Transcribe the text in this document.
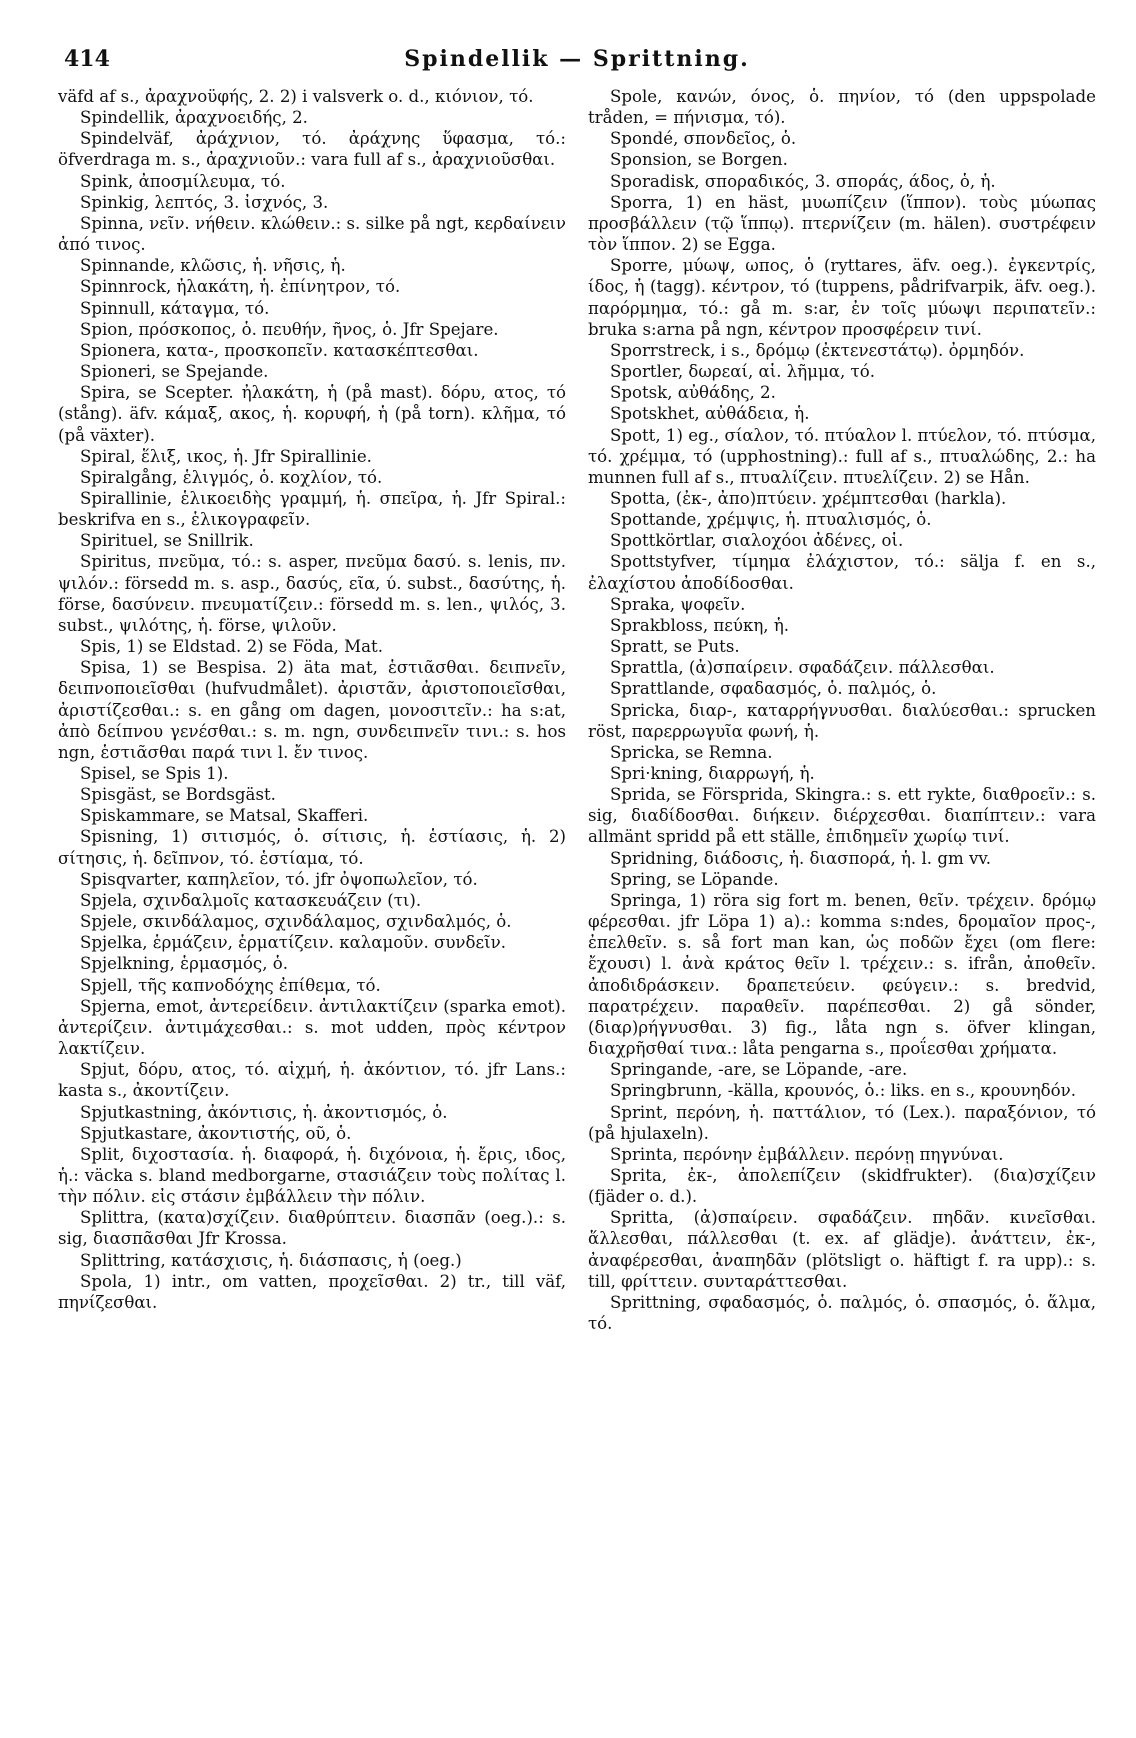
414	Spindellik — Sprittning.

väfd af s., ἀραχνοϋφής, 2. 2) i valsverk o. d., κιόνιον, τό.

Spindellik, ἀραχνοειδής, 2.

Spindelväf, ἀράχνιον, τό. ἀράχνης ὕφασμα, τό.: öfverdraga m. s., ἀραχνιοῦν.: vara full af s., ἀραχνιοῦσθαι.

Spink, ἀποσμίλευμα, τό.

Spinkig, λεπτός, 3. ἰσχνός, 3.

Spinna, νεῖν. νήθειν. κλώθειν.: s. silke på ngt, κερδαίνειν ἀπό τινος.

Spinnande, κλῶσις, ἡ. νῆσις, ἡ.

Spinnrock, ἠλακάτη, ἡ. ἐπίνητρον, τό.

Spinnull, κάταγμα, τό.

Spion, πρόσκοπος, ὁ. πευθήν, ῆνος, ὁ. Jfr Spejare.

Spionera, κατα-, προσκοπεῖν. κατασκέπτεσθαι.

Spioneri, se Spejande.

Spira, se Scepter. ἠλακάτη, ἡ (på mast). δόρυ, ατος, τό (stång). äfv. κάμαξ, ακος, ἡ. κορυφή, ἡ (på torn). κλῆμα, τό (på växter).

Spiral, ἕλιξ, ικος, ἡ. Jfr Spirallinie.

Spiralgång, ἑλιγμός, ὁ. κοχλίον, τό.

Spirallinie, ἑλικοειδὴς γραμμή, ἡ. σπεῖρα, ἡ. Jfr Spiral.: beskrifva en s., ἑλικογραφεῖν.

Spirituel, se Snillrik.

Spiritus, πνεῦμα, τό.: s. asper, πνεῦμα δασύ. s. lenis, πν. ψιλόν.: försedd m. s. asp., δασύς, εῖα, ύ. subst., δασύτης, ἡ. förse, δασύνειν. πνευματίζειν.: försedd m. s. len., ψιλός, 3. subst., ψιλότης, ἡ. förse, ψιλοῦν.

Spis, 1) se Eldstad. 2) se Föda, Mat.

Spisa, 1) se Bespisa. 2) äta mat, ἑστιᾶσθαι. δειπνεῖν, δειπνοποιεῖσθαι (hufvudmålet). ἀριστᾶν, ἀριστοποιεῖσθαι, ἀριστίζεσθαι.: s. en gång om dagen, μονοσιτεῖν.: ha s:at, ἀπὸ δείπνου γενέσθαι.: s. m. ngn, συνδειπνεῖν τινι.: s. hos ngn, ἑστιᾶσθαι παρά τινι l. ἔν τινος.

Spisel, se Spis 1).

Spisgäst, se Bordsgäst.

Spiskammare, se Matsal, Skafferi.

Spisning, 1) σιτισμός, ὁ. σίτισις, ἡ. ἑστίασις, ἡ. 2) σίτησις, ἡ. δεῖπνον, τό. ἑστίαμα, τό.

Spisqvarter, καπηλεῖον, τό. jfr ὀψοπωλεῖον, τό.

Spjela, σχινδαλμοῖς κατασκευάζειν (τι).

Spjele, σκινδάλαμος, σχινδάλαμος, σχινδαλμός, ὁ.

Spjelka, ἑρμάζειν, ἑρματίζειν. καλαμοῦν. συνδεῖν.

Spjelkning, ἑρμασμός, ὁ.

Spjell, τῆς καπνοδόχης ἐπίθεμα, τό.

Spjerna, emot, ἀντερείδειν. ἀντιλακτίζειν (sparka emot). ἀντερίζειν. ἀντιμάχεσθαι.: s. mot udden, πρὸς κέντρον λακτίζειν.

Spjut, δόρυ, ατος, τό. αἰχμή, ἡ. ἀκόντιον, τό. jfr Lans.: kasta s., ἀκοντίζειν.

Spjutkastning, ἀκόντισις, ἡ. ἀκοντισμός, ὁ.

Spjutkastare, ἀκοντιστής, οῦ, ὁ.

Split, διχοστασία. ἡ. διαφορά, ἡ. διχόνοια, ἡ. ἔρις, ιδος, ἡ.: väcka s. bland medborgarne, στασιάζειν τοὺς πολίτας l. τὴν πόλιν. εἰς στάσιν ἐμβάλλειν τὴν πόλιν.

Splittra, (κατα)σχίζειν. διαθρύπτειν. διασπᾶν (oeg.).: s. sig, διασπᾶσθαι Jfr Krossa.

Splittring, κατάσχισις, ἡ. διάσπασις, ἡ (oeg.)

Spola, 1) intr., om vatten, προχεῖσθαι. 2) tr., till väf, πηνίζεσθαι.

Spole, κανών, όνος, ὁ. πηνίον, τό (den uppspolade tråden, = πήνισμα, τό).

Spondé, σπονδεῖος, ὁ.

Sponsion, se Borgen.

Sporadisk, σποραδικός, 3. σποράς, άδος, ὁ, ἡ.

Sporra, 1) en häst, μυωπίζειν (ἵππον). τοὺς μύωπας προσβάλλειν (τῷ ἵππῳ). πτερνίζειν (m. hälen). συστρέφειν τὸν ἵππον. 2) se Egga.

Sporre, μύωψ, ωπος, ὁ (ryttares, äfv. oeg.). ἐγκεντρίς, ίδος, ἡ (tagg). κέντρον, τό (tuppens, pådrifvarpik, äfv. oeg.). παρόρμημα, τό.: gå m. s:ar, ἐν τοῖς μύωψι περιπατεῖν.: bruka s:arna på ngn, κέντρον προσφέρειν τινί.

Sporrstreck, i s., δρόμῳ (ἐκτενεστάτῳ). ὀρμηδόν.

Sportler, δωρεαί, αἱ. λῆμμα, τό.

Spotsk, αὐθάδης, 2.

Spotskhet, αὐθάδεια, ἡ.

Spott, 1) eg., σίαλον, τό. πτύαλον l. πτύελον, τό. πτύσμα, τό. χρέμμα, τό (upphostning).: full af s., πτυαλώδης, 2.: ha munnen full af s., πτυαλίζειν. πτυελίζειν. 2) se Hån.

Spotta, (ἐκ-, ἀπο)πτύειν. χρέμπτεσθαι (harkla).

Spottande, χρέμψις, ἡ. πτυαλισμός, ὁ.

Spottkörtlar, σιαλοχόοι ἀδένες, οἱ.

Spottstyfver, τίμημα ἐλάχιστον, τό.: sälja f. en s., ἐλαχίστου ἀποδίδοσθαι.

Spraka, ψοφεῖν.

Sprakbloss, πεύκη, ἡ.

Spratt, se Puts.

Sprattla, (ἀ)σπαίρειν. σφαδάζειν. πάλλεσθαι.

Sprattlande, σφαδασμός, ὁ. παλμός, ὁ.

Spricka, διαρ-, καταρρήγνυσθαι. διαλύεσθαι.: sprucken röst, παρερρωγυῖα φωνή, ἡ.

Spricka, se Remna.

Spri·kning, διαρρωγή, ἡ.

Sprida, se Försprida, Skingra.: s. ett rykte, διαθροεῖν.: s. sig, διαδίδοσθαι. διήκειν. διέρχεσθαι. διαπίπτειν.: vara allmänt spridd på ett ställe, ἐπιδημεῖν χωρίῳ τινί.

Spridning, διάδοσις, ἡ. διασπορά, ἡ. l. gm vv.

Spring, se Löpande.

Springa, 1) röra sig fort m. benen, θεῖν. τρέχειν. δρόμῳ φέρεσθαι. jfr Löpa 1) a).: komma s:ndes, δρομαῖον προς-, ἐπελθεῖν. s. så fort man kan, ὡς ποδῶν ἔχει (om flere: ἔχουσι) l. ἀνὰ κράτος θεῖν l. τρέχειν.: s. ifrån, ἀποθεῖν. ἀποδιδράσκειν. δραπετεύειν. φεύγειν.: s. bredvid, παρατρέχειν. παραθεῖν. παρέπεσθαι. 2) gå sönder, (διαρ)ρήγνυσθαι. 3) fig., låta ngn s. öfver klingan, διαχρῆσθαί τινα.: låta pengarna s., προΐεσθαι χρήματα.

Springande, -are, se Löpande, -are.

Springbrunn, -källa, κρουνός, ὁ.: liks. en s., κρουνηδόν.

Sprint, περόνη, ἡ. παττάλιον, τό (Lex.). παραξόνιον, τό (på hjulaxeln).

Sprinta, περόνην ἐμβάλλειν. περόνῃ πηγνύναι.

Sprita, ἐκ-, ἀπολεπίζειν (skidfrukter). (δια)σχίζειν (fjäder o. d.).

Spritta, (ἀ)σπαίρειν. σφαδάζειν. πηδᾶν. κινεῖσθαι. ἅλλεσθαι, πάλλεσθαι (t. ex. af glädje). ἀνάττειν, ἐκ-, ἀναφέρεσθαι, ἀναπηδᾶν (plötsligt o. häftigt f. ra upp).: s. till, φρίττειν. συνταράττεσθαι.

Sprittning, σφαδασμός, ὁ. παλμός, ὁ. σπασμός, ὁ. ἅλμα, τό.
